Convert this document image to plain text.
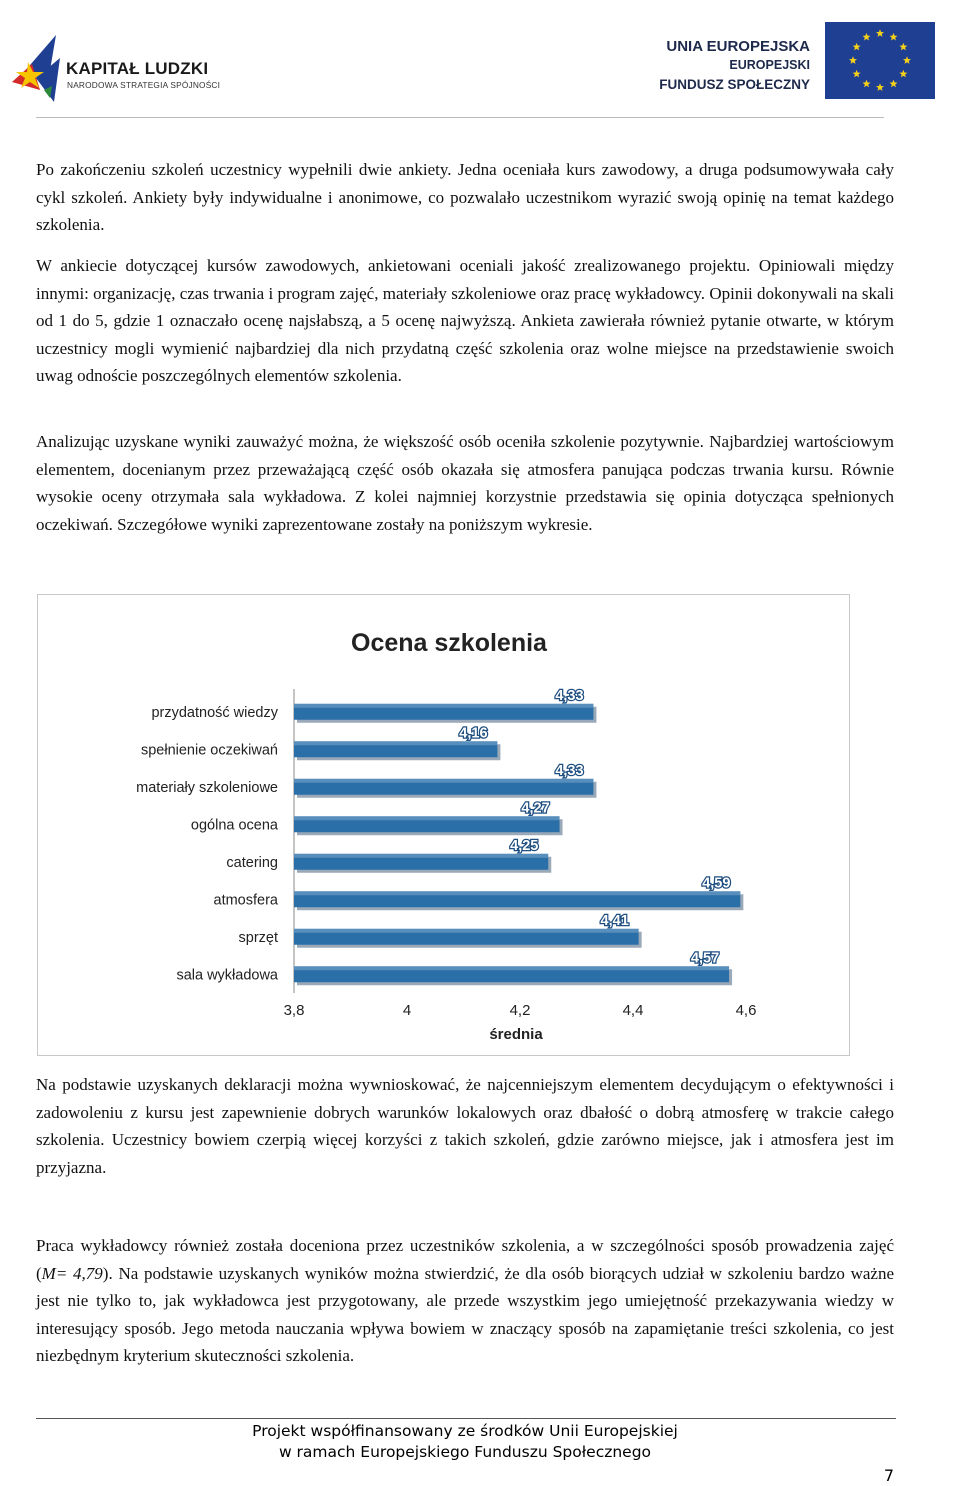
KAPITAŁ LUDZKI
NARODOWA STRATEGIA SPÓJNOŚCI
UNIA EUROPEJSKA
EUROPEJSKI
FUNDUSZ SPOŁECZNY

Po zakończeniu szkoleń uczestnicy wypełnili dwie ankiety. Jedna oceniała kurs zawodowy, a druga podsumowywała cały cykl szkoleń. Ankiety były indywidualne i anonimowe, co pozwalało uczestnikom wyrazić swoją opinię na temat każdego szkolenia.

W ankiecie dotyczącej kursów zawodowych, ankietowani oceniali jakość zrealizowanego projektu. Opiniowali między innymi: organizację, czas trwania i program zajęć, materiały szkoleniowe oraz pracę wykładowcy. Opinii dokonywali na skali od 1 do 5, gdzie 1 oznaczało ocenę najsłabszą, a 5 ocenę najwyższą. Ankieta zawierała również pytanie otwarte, w którym uczestnicy mogli wymienić najbardziej dla nich przydatną część szkolenia oraz wolne miejsce na przedstawienie swoich uwag odnoście poszczególnych elementów szkolenia.

Analizując uzyskane wyniki zauważyć można, że większość osób oceniła szkolenie pozytywnie. Najbardziej wartościowym elementem, docenianym przez przeważającą część osób okazała się atmosfera panująca podczas trwania kursu. Równie wysokie oceny otrzymała sala wykładowa. Z kolei najmniej korzystnie przedstawia się opinia dotycząca spełnionych oczekiwań. Szczegółowe wyniki zaprezentowane zostały na poniższym wykresie.

Ocena szkolenia
średnia
3,8	4	4,2	4,4	4,6
przydatność wiedzy
4,33
spełnienie oczekiwań
4,16
materiały szkoleniowe
4,33
ogólna ocena
4,27
catering
4,25
atmosfera
4,59
sprzęt
4,41
sala wykładowa
4,57

Na podstawie uzyskanych deklaracji można wywnioskować, że najcenniejszym elementem decydującym o efektywności i zadowoleniu z kursu jest zapewnienie dobrych warunków lokalowych oraz dbałość o dobrą atmosferę w trakcie całego szkolenia. Uczestnicy bowiem czerpią więcej korzyści z takich szkoleń, gdzie zarówno miejsce, jak i atmosfera jest im przyjazna.

Praca wykładowcy również została doceniona przez uczestników szkolenia, a w szczególności sposób prowadzenia zajęć (M= 4,79). Na podstawie uzyskanych wyników można stwierdzić, że dla osób biorących udział w szkoleniu bardzo ważne jest nie tylko to, jak wykładowca jest przygotowany, ale przede wszystkim jego umiejętność przekazywania wiedzy w interesujący sposób. Jego metoda nauczania wpływa bowiem w znaczący sposób na zapamiętanie treści szkolenia, co jest niezbędnym kryterium skuteczności szkolenia.

Projekt współfinansowany ze środków Unii Europejskiej
w ramach Europejskiego Funduszu Społecznego
7
